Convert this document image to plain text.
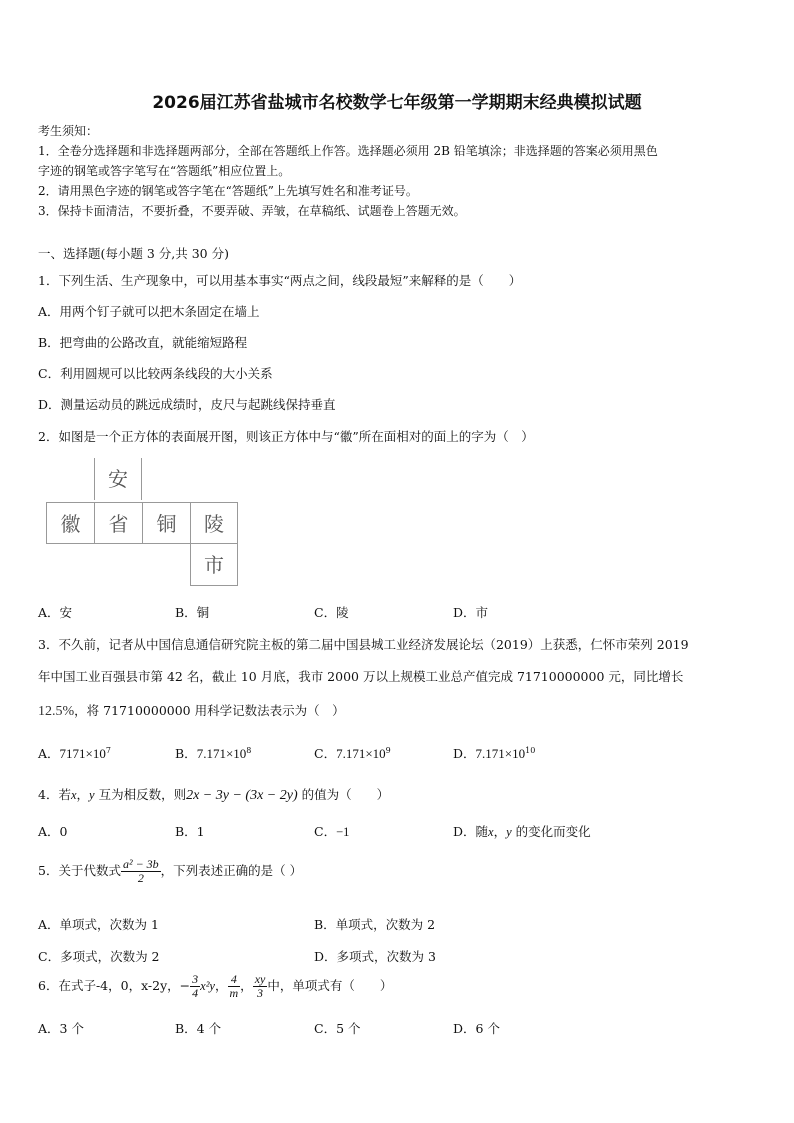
2026届江苏省盐城市名校数学七年级第一学期期末经典模拟试题
考生须知：
1．全卷分选择题和非选择题两部分，全部在答题纸上作答。选择题必须用 2B 铅笔填涂；非选择题的答案必须用黑色
字迹的钢笔或答字笔写在“答题纸”相应位置上。
2．请用黑色字迹的钢笔或答字笔在“答题纸”上先填写姓名和准考证号。
3．保持卡面清洁，不要折叠，不要弄破、弄皱，在草稿纸、试题卷上答题无效。
一、选择题(每小题 3 分,共 30 分)
1．下列生活、生产现象中，可以用基本事实“两点之间，线段最短”来解释的是（　　）
A．用两个钉子就可以把木条固定在墙上
B．把弯曲的公路改直，就能缩短路程
C．利用圆规可以比较两条线段的大小关系
D．测量运动员的跳远成绩时，皮尺与起跳线保持垂直
2．如图是一个正方体的表面展开图，则该正方体中与“徽”所在面相对的面上的字为（　）
安
徽	省	铜	陵
市
A．安	B．铜	C．陵	D．市
3．不久前，记者从中国信息通信研究院主板的第二届中国县城工业经济发展论坛（2019）上获悉，仁怀市荣列 2019
年中国工业百强县市第 42 名，截止 10 月底，我市 2000 万以上规模工业总产值完成 71710000000 元，同比增长
12.5%，将 71710000000 用科学记数法表示为（　）
A．$7171\times 10^7$	B．$7.171\times 10^8$	C．$7.171\times 10^9$	D．$7.171\times 10^{10}$
4．若x，y 互为相反数，则2x − 3y − (3x − 2y) 的值为（　　）
A．0	B．1	C．−1	D．随x，y 的变化而变化
5．关于代数式 $\frac{\text{a² − 3b}}{2}$ ，下列表述正确的是（ ）
A．单项式，次数为 1	B．单项式，次数为 2
C．多项式，次数为 2	D．多项式，次数为 3
6．在式子-4，0，x-2y，− $\frac{3}{4} x^2y$， $\frac{4}{m}$ ， $\frac{xy}{3}$ 中，单项式有（　　）
A．3 个	B．4 个	C．5 个	D．6 个
